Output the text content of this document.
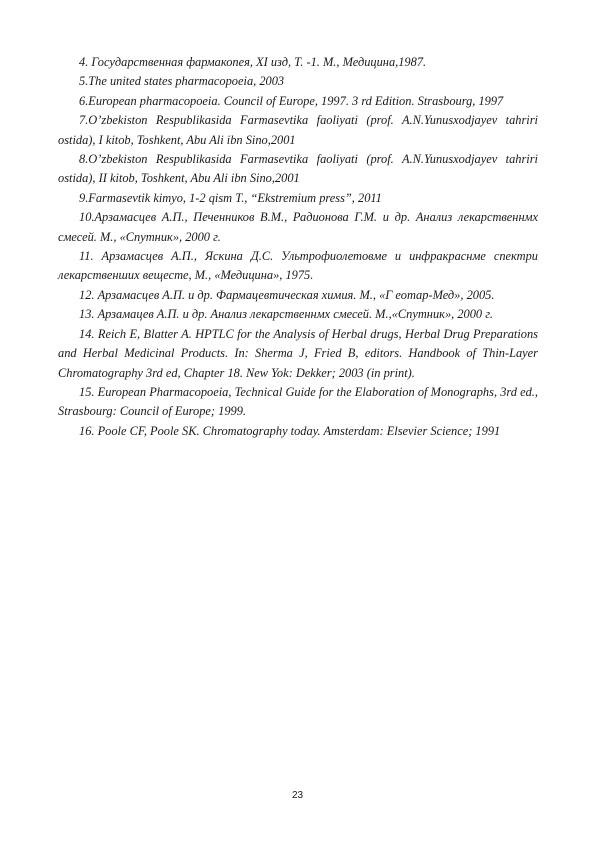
4. Государственная фармакопея, XI изд, Т. -1. М., Медицина,1987.

5.The united states pharmacopoeia, 2003

6.European pharmacopoeia. Council of Europe, 1997. 3 rd Edition. Strasbourg, 1997

7.O’zbekiston Respublikasida Farmasevtika faoliyati (prof. A.N.Yunusxodjayev tahriri ostida), I kitob, Toshkent, Abu Ali ibn Sino,2001

8.O’zbekiston Respublikasida Farmasevtika faoliyati (prof. A.N.Yunusxodjayev tahriri ostida), II kitob, Toshkent, Abu Ali ibn Sino,2001

9.Farmasevtik kimyo, 1-2 qism T., “Ekstremium press”, 2011

10.Арзамасцев А.П., Печенников В.М., Радионова Г.М. и др. Анализ лекарственнмх смесей. М., «Спутник», 2000 г.

11. Арзамасцев А.П., Яскина Д.С. Ультрофиолетовме и инфракраснме спектри лекарственших вещесте, М., «Медицина», 1975.

12. Арзамасцев А.П. и др. Фармацевтическая химия. М., «Г еотар-Мед», 2005.

13. Арзамацев А.П. и др. Анализ лекарственнмх смесей. М.,«Спутник», 2000 г.

14. Reich E, Blatter A. HPTLC for the Analysis of Herbal drugs, Herbal Drug Preparations and Herbal Medicinal Products. In: Sherma J, Fried B, editors. Handbook of Thin-Layer Chromatography 3rd ed, Chapter 18. New Yok: Dekker; 2003 (in print).

15. European Pharmacopoeia, Technical Guide for the Elaboration of Monographs, 3rd ed., Strasbourg: Council of Europe; 1999.

16. Poole CF, Poole SK. Chromatography today. Amsterdam: Elsevier Science; 1991

23
